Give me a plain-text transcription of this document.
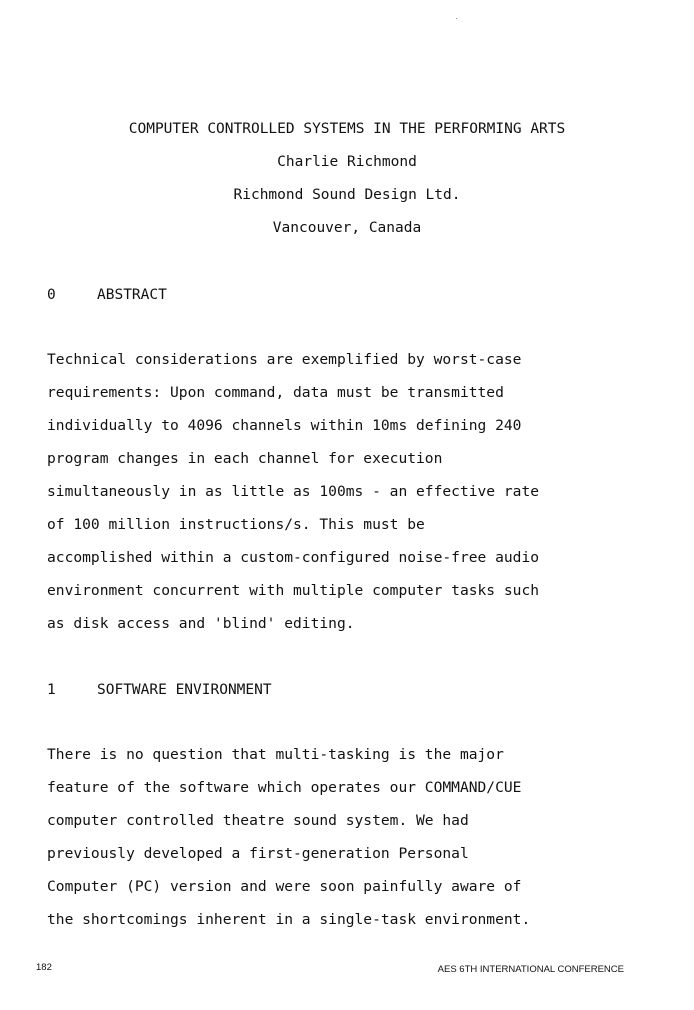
COMPUTER CONTROLLED SYSTEMS IN THE PERFORMING ARTS
Charlie Richmond
Richmond Sound Design Ltd.
Vancouver, Canada
0	ABSTRACT
Technical considerations are exemplified by worst-case
requirements: Upon command, data must be transmitted
individually to 4096 channels within 10ms defining 240
program changes in each channel for execution
simultaneously in as little as 100ms - an effective rate
of 100 million instructions/s. This must be
accomplished within a custom-configured noise-free audio
environment concurrent with multiple computer tasks such
as disk access and 'blind' editing.
1	SOFTWARE ENVIRONMENT
There is no question that multi-tasking is the major
feature of the software which operates our COMMAND/CUE
computer controlled theatre sound system. We had
previously developed a first-generation Personal
Computer (PC) version and were soon painfully aware of
the shortcomings inherent in a single-task environment.
182	AES 6TH INTERNATIONAL CONFERENCE
